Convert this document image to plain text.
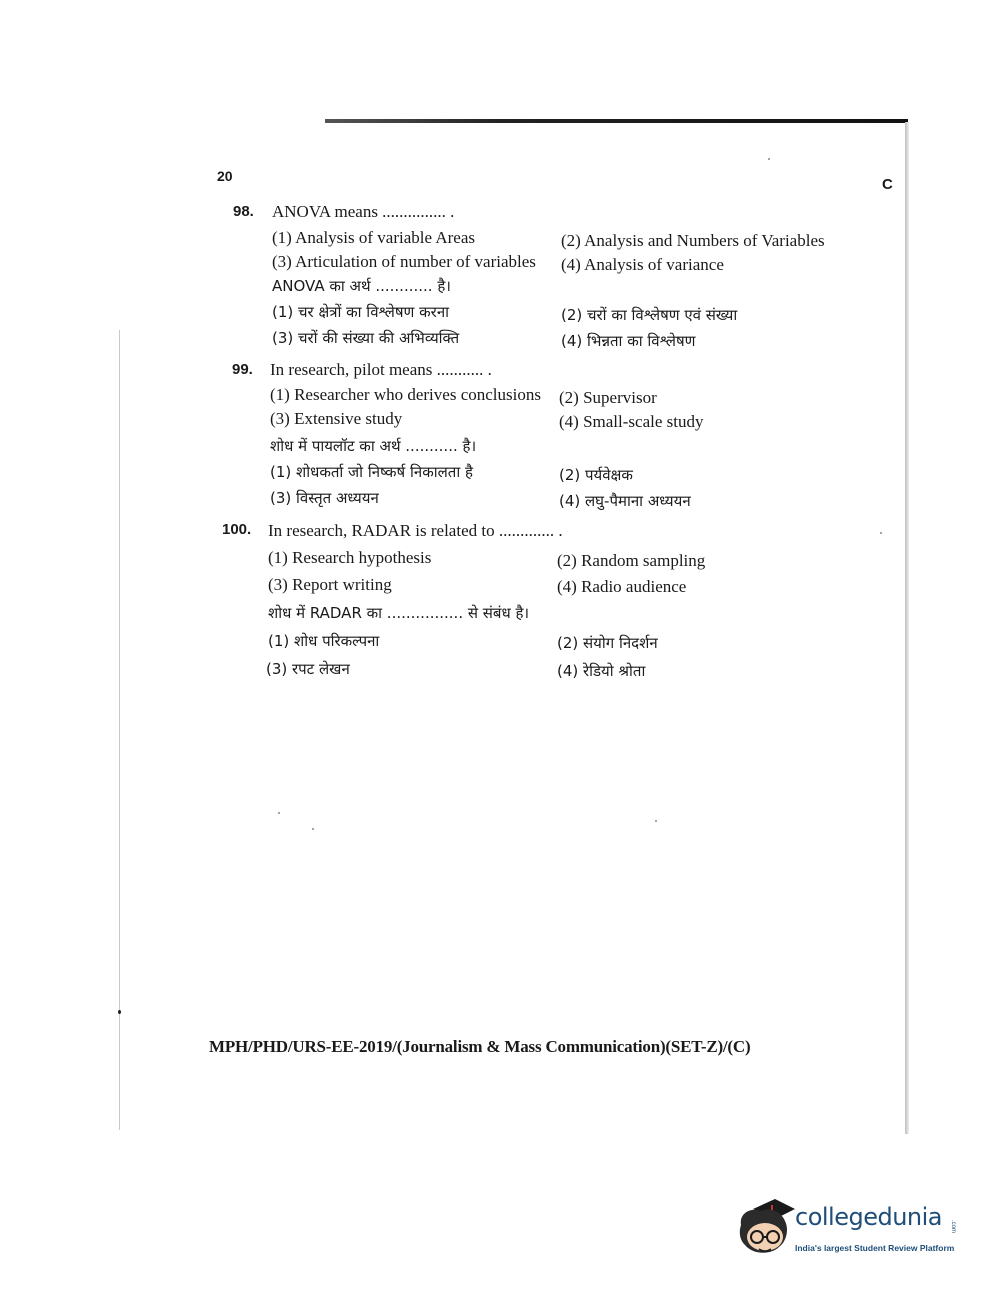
20	C
98. ANOVA means ............... .
(1) Analysis of variable Areas	(2) Analysis and Numbers of Variables
(3) Articulation of number of variables (4) Analysis of variance
ANOVA का अर्थ ............ है।
(1) चर क्षेत्रों का विश्लेषण करना	(2) चरों का विश्लेषण एवं संख्या
(3) चरों की संख्या की अभिव्यक्ति	(4) भिन्नता का विश्लेषण
99. In research, pilot means ........... .
(1) Researcher who derives conclusions (2) Supervisor
(3) Extensive study	(4) Small-scale study
शोध में पायलॉट का अर्थ ........... है।
(1) शोधकर्ता जो निष्कर्ष निकालता है	(2) पर्यवेक्षक
(3) विस्तृत अध्ययन	(4) लघु-पैमाना अध्ययन
100. In research, RADAR is related to ............. .
(1) Research hypothesis	(2) Random sampling
(3) Report writing	(4) Radio audience
शोध में RADAR का ................ से संबंध है।
(1) शोध परिकल्पना	(2) संयोग निदर्शन
(3) रपट लेखन	(4) रेडियो श्रोता
MPH/PHD/URS-EE-2019/(Journalism & Mass Communication)(SET-Z)/(C)
collegedunia .com
India's largest Student Review Platform
